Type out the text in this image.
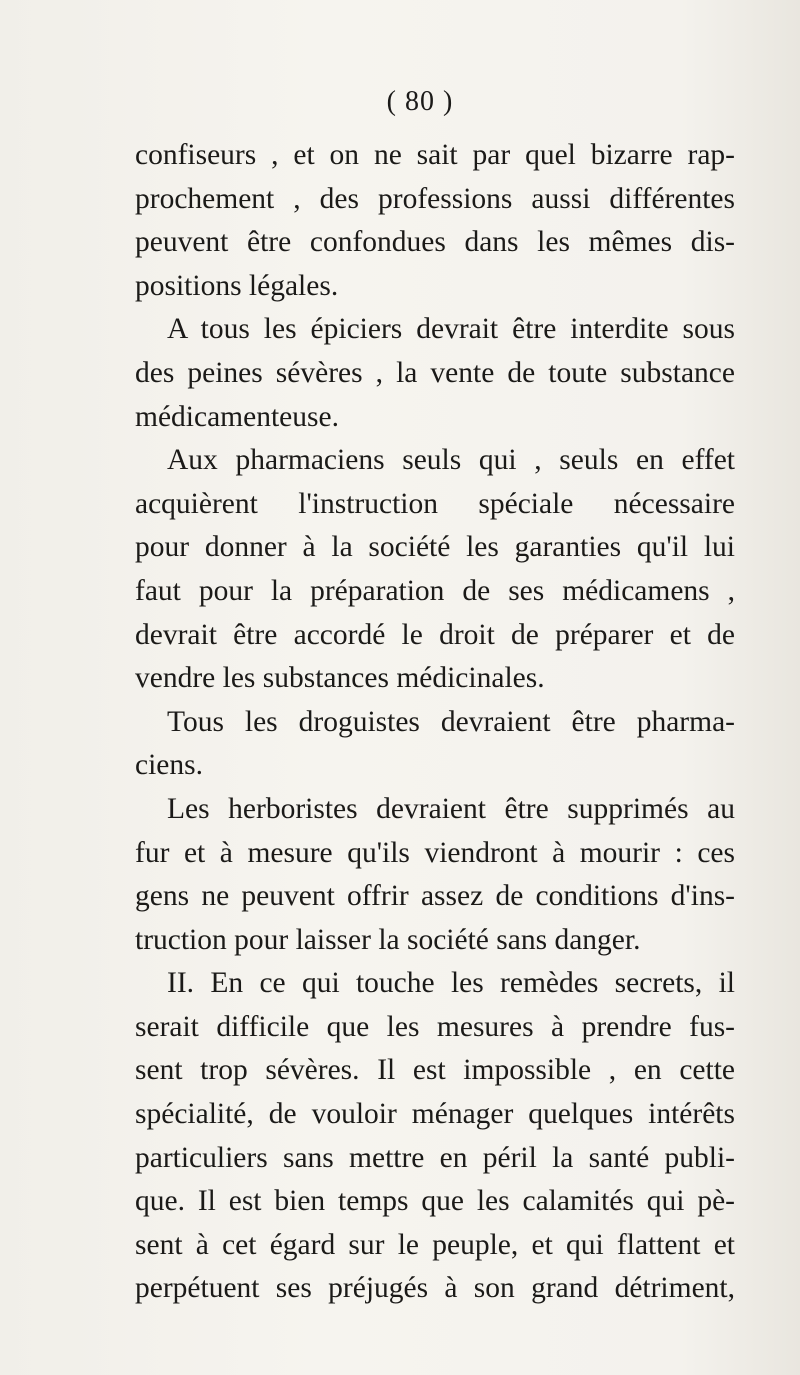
( 80 )
confiseurs , et on ne sait par quel bizarre rap-
prochement , des professions aussi différentes
peuvent être confondues dans les mêmes dis-
positions légales.
A tous les épiciers devrait être interdite sous
des peines sévères , la vente de toute substance
médicamenteuse.
Aux pharmaciens seuls qui , seuls en effet
acquièrent l'instruction spéciale nécessaire
pour donner à la société les garanties qu'il lui
faut pour la préparation de ses médicamens ,
devrait être accordé le droit de préparer et de
vendre les substances médicinales.
Tous les droguistes devraient être pharma-
ciens.
Les herboristes devraient être supprimés au
fur et à mesure qu'ils viendront à mourir : ces
gens ne peuvent offrir assez de conditions d'ins-
truction pour laisser la société sans danger.
II. En ce qui touche les remèdes secrets, il
serait difficile que les mesures à prendre fus-
sent trop sévères. Il est impossible , en cette
spécialité, de vouloir ménager quelques intérêts
particuliers sans mettre en péril la santé publi-
que. Il est bien temps que les calamités qui pè-
sent à cet égard sur le peuple, et qui flattent et
perpétuent ses préjugés à son grand détriment,
